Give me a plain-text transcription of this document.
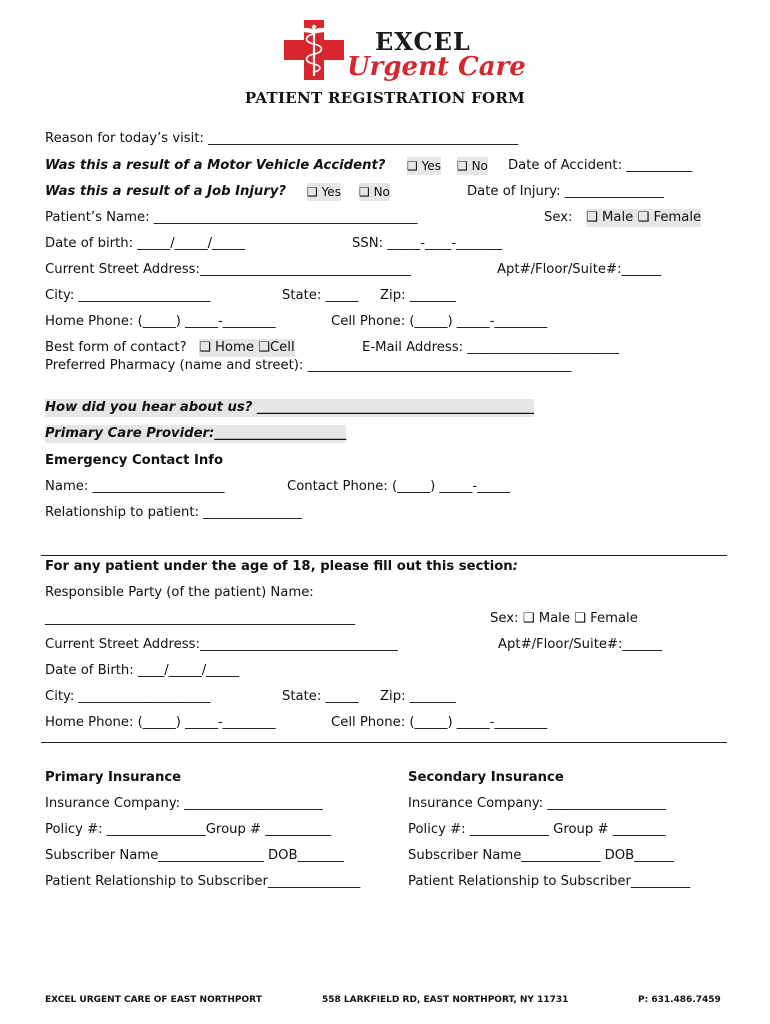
EXCEL
Urgent Care
PATIENT REGISTRATION FORM
Reason for today’s visit: _______________________________________________
Was this a result of a Motor Vehicle Accident? ❑ Yes ❑ No Date of Accident: __________
Was this a result of a Job Injury? ❑ Yes ❑ No	Date of Injury: _______________
Patient’s Name: ________________________________________	Sex: ❑ Male ❑ Female
Date of birth: _____/_____/_____	SSN: _____-____-_______
Current Street Address:________________________________	Apt#/Floor/Suite#:______
City: ____________________	State: _____ Zip: _______
Home Phone: (_____) _____-________	Cell Phone: (_____) _____-________
Best form of contact? ❑ Home ❑Cell	E-Mail Address: _______________________
Preferred Pharmacy (name and street): ________________________________________
How did you hear about us? __________________________________________
Primary Care Provider:____________________
Emergency Contact Info
Name: ____________________	Contact Phone: (_____) _____-_____
Relationship to patient: _______________
For any patient under the age of 18, please fill out this section:
Responsible Party (of the patient) Name:
_______________________________________________	Sex: ❑ Male ❑ Female
Current Street Address:______________________________	Apt#/Floor/Suite#:______
Date of Birth: ____/_____/_____
City: ____________________	State: _____ Zip: _______
Home Phone: (_____) _____-________	Cell Phone: (_____) _____-________
Primary Insurance	Secondary Insurance
Insurance Company: _____________________	Insurance Company: __________________
Policy #: _______________Group # __________	Policy #: ____________ Group # ________
Subscriber Name________________ DOB_______	Subscriber Name____________ DOB______
Patient Relationship to Subscriber______________	Patient Relationship to Subscriber_________
EXCEL URGENT CARE OF EAST NORTHPORT	558 LARKFIELD RD, EAST NORTHPORT, NY 11731	P: 631.486.7459
